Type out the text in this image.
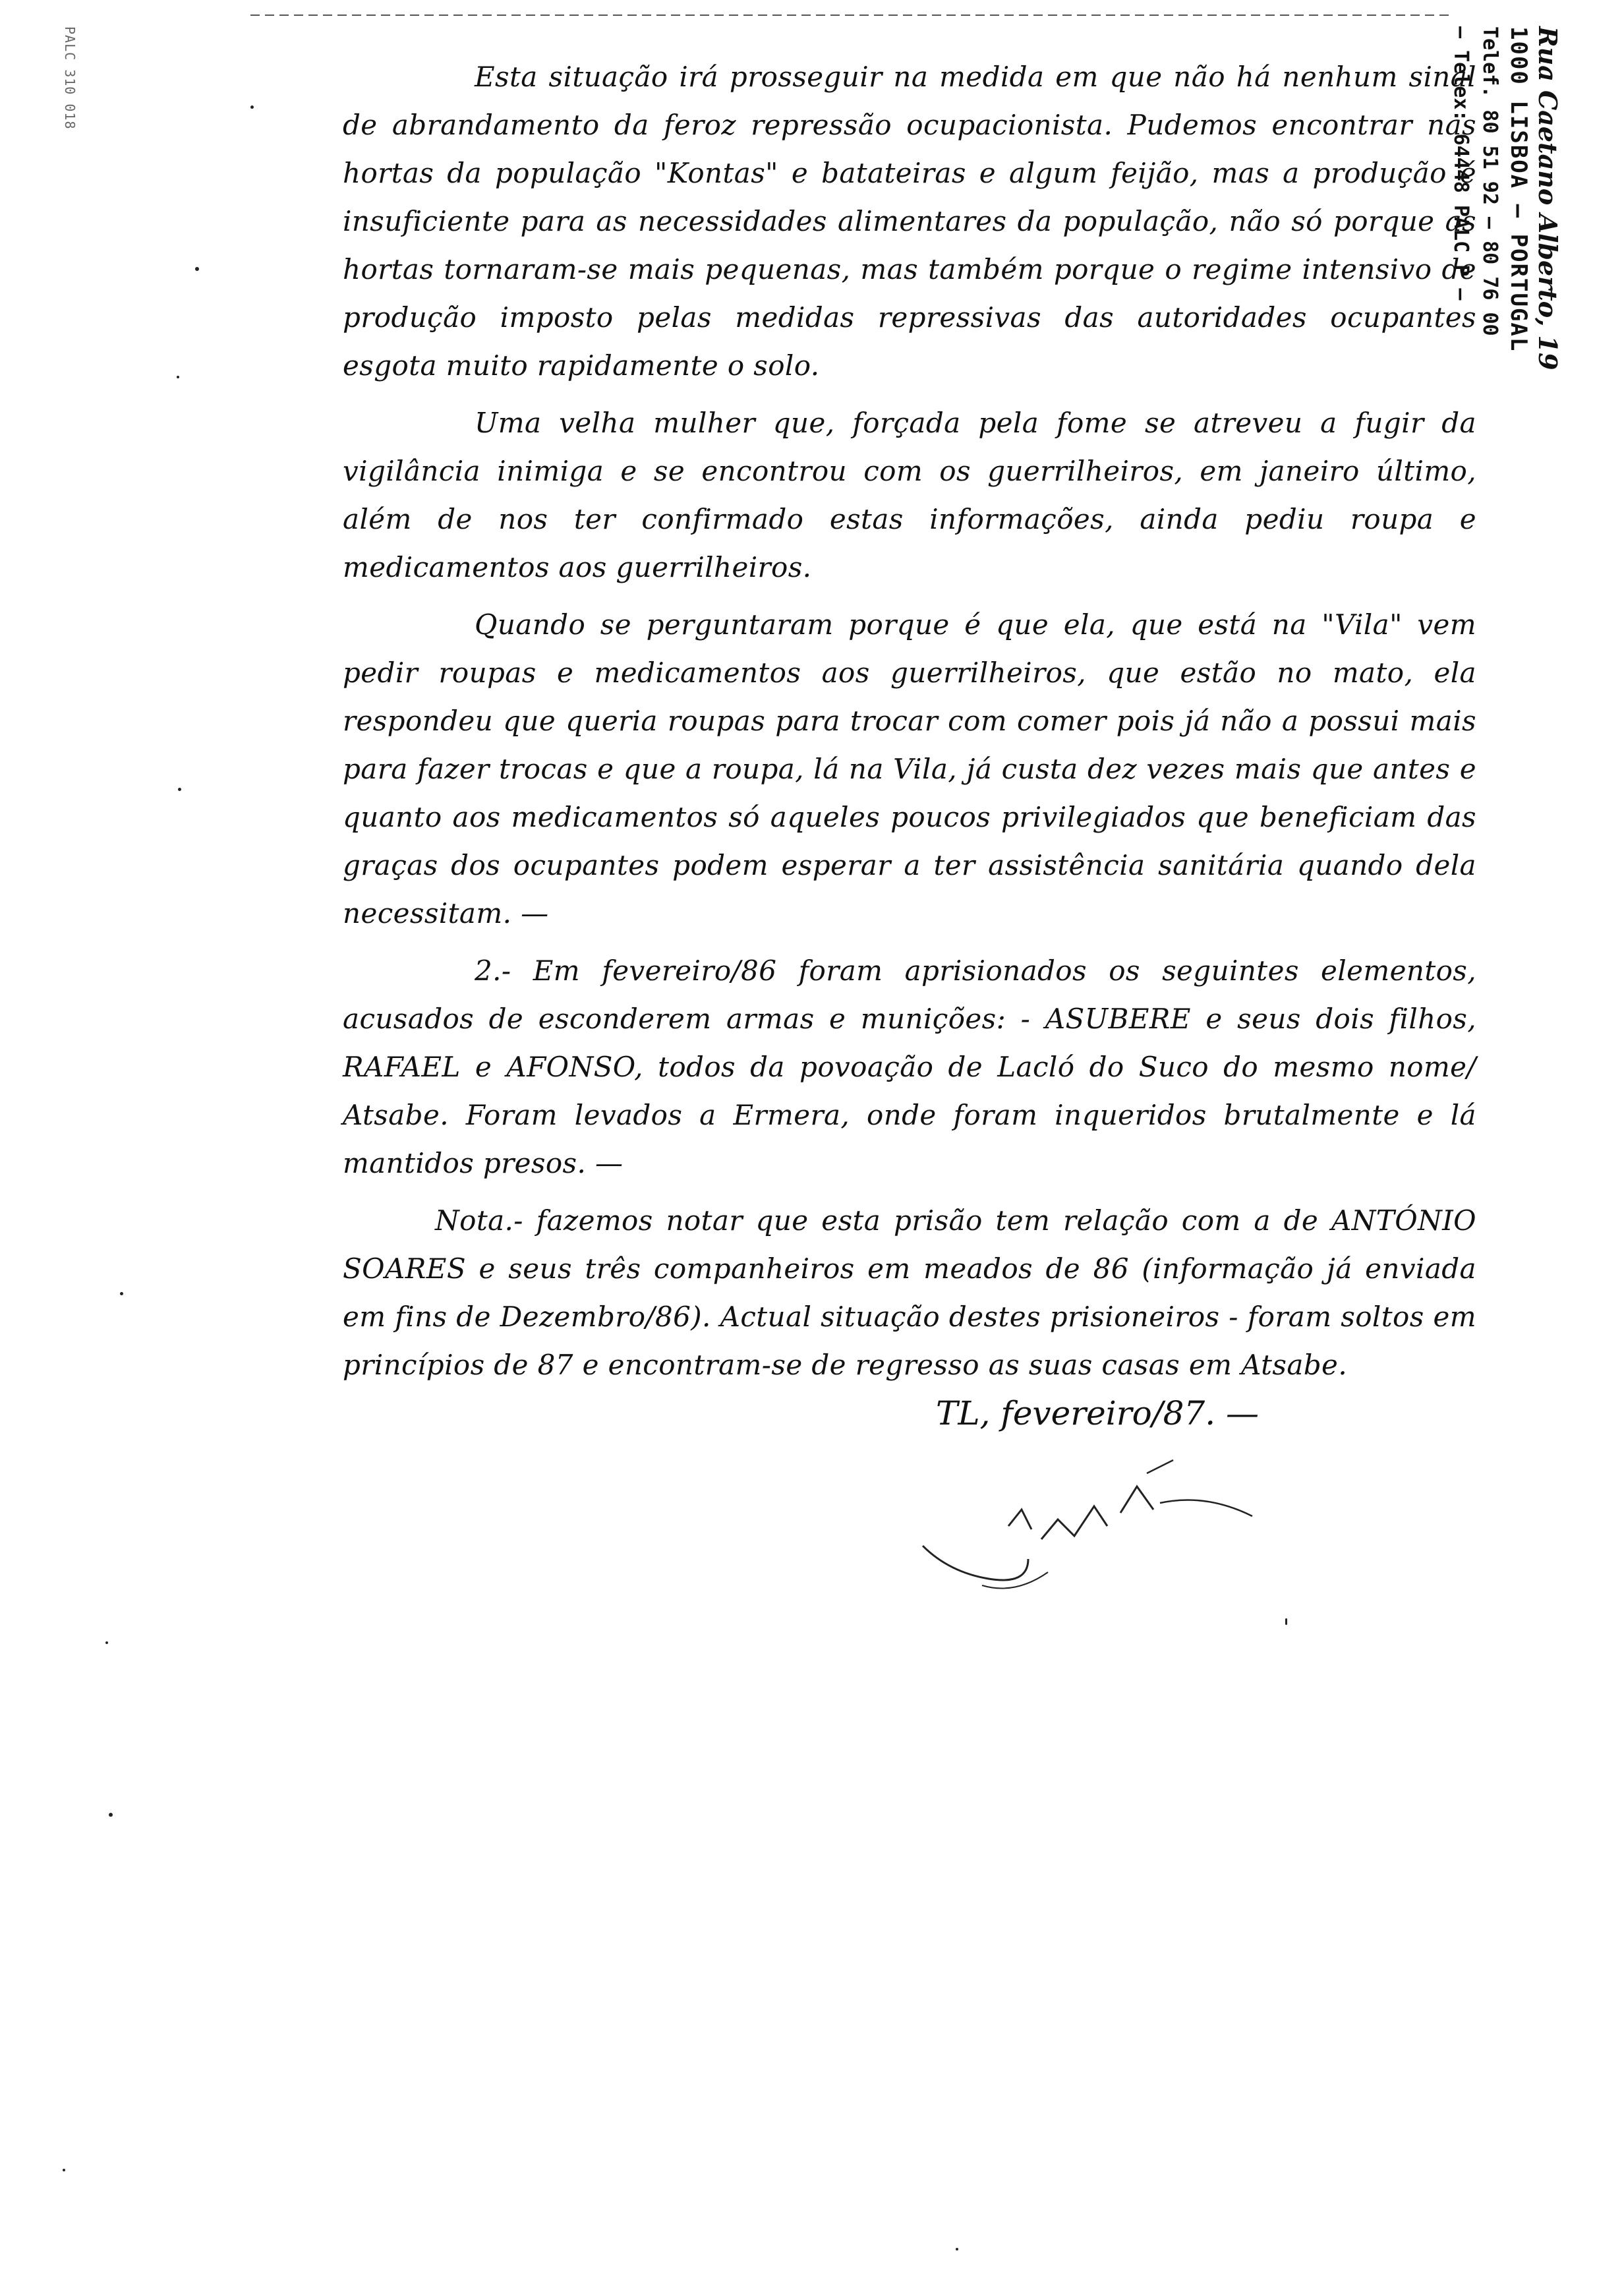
PALC 310 018	Rua Caetano Alberto, 19
1000 LISBOA — PORTUGAL
Telef. 80 51 92 — 80 76 00
— Telex: 64448 PALC P —

Esta situação irá prosseguir na medida em que não há nenhum sinal de abrandamento da feroz repressão ocupacionista. Pudemos encontrar nas hortas da população "Kontas" e batateiras e algum feijão, mas a produção é insuficiente para as necessidades alimentares da população, não só porque as hortas tornaram-se mais pequenas, mas também porque o regime intensivo de produção imposto pelas medidas repressivas das autoridades ocupantes esgota muito rapidamente o solo.

Uma velha mulher que, forçada pela fome se atreveu a fugir da vigilância inimiga e se encontrou com os guerrilheiros, em janeiro último, além de nos ter confirmado estas informações, ainda pediu roupa e medicamentos aos guerrilheiros.

Quando se perguntaram porque é que ela, que está na "Vila" vem pedir roupas e medicamentos aos guerrilheiros, que estão no mato, ela respondeu que queria roupas para trocar com comer pois já não a possui mais para fazer trocas e que a roupa, lá na Vila, já custa dez vezes mais que antes e quanto aos medicamentos só aqueles poucos privilegiados que beneficiam das graças dos ocupantes podem esperar a ter assistência sanitária quando dela necessitam. —

2.- Em fevereiro/86 foram aprisionados os seguintes elementos, acusados de esconderem armas e munições: - ASUBERE e seus dois filhos, RAFAEL e AFONSO, todos da povoação de Lacló do Suco do mesmo nome/ Atsabe. Foram levados a Ermera, onde foram inqueridos brutalmente e lá mantidos presos. —

Nota.- fazemos notar que esta prisão tem relação com a de ANTÓNIO SOARES e seus três companheiros em meados de 86 (informação já enviada em fins de Dezembro/86). Actual situação destes prisioneiros - foram soltos em princípios de 87 e encontram-se de regresso as suas casas em Atsabe.

TL, fevereiro/87. —
